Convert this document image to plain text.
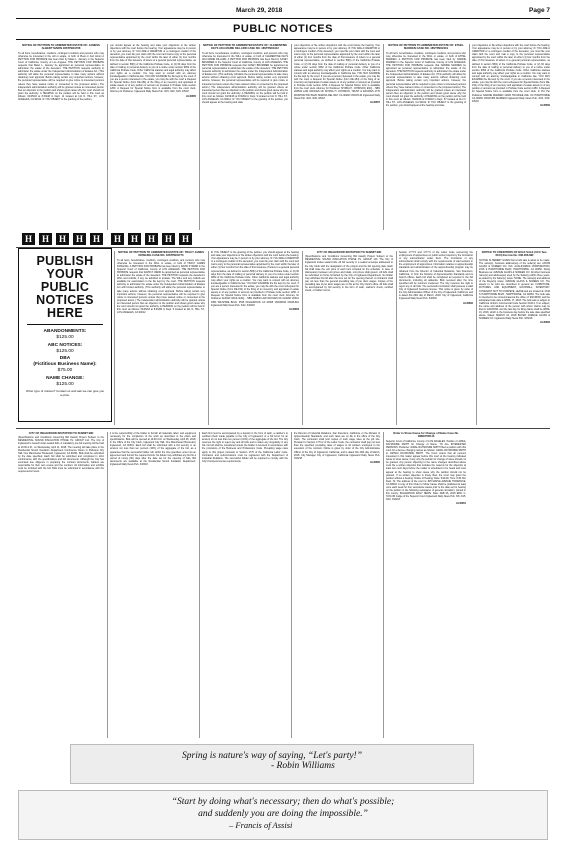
March 29, 2018	Page 7
PUBLIC NOTICES
NOTICE OF PETITION TO ADMINISTER ESTATE OF: JAMESS ALBERT MARIN 18STPB01708
To all heirs, beneficiaries, creditors, contingent creditors and persons who may otherwise be interested in the will or estate, or both of Pleat or And whom A PETITION FOR PROBATE has been filed by Matel L. January in the Superior Court of California, County of Los Angeles. THE PETITION FOR PROBATE requests that Matel L. January be appointed as personal representative to administer the estate of the decedent. THE PETITION requests authority to administer the estate under the Independent Administration of Estates Act. (This authority will allow the personal representative to take many actions without obtaining court approval. Before taking certain very important actions, however, the personal representative will be required to give notice to interested persons unless they have waived notice or consented to the proposed action.) The independent administration authority will be granted unless an interested person files an objection to the petition and shows good cause why the court should not grant the authority. A HEARING on the petition will be held in this court as follows: 04/25/18 at 8:30AM in Dept. 11 located at 111 N. HILL ST., LOS ANGELES, CA 90012. IF YOU OBJECT to the granting of the petition,
you should appear at the hearing and state your objections or file written objections with the court before the hearing. Your appearance may be in person or by your attorney. IF YOU ARE A CREDITOR or a contingent creditor of the decedent, you must file your claim with the court and mail a copy to the personal representative appointed by the court within the later of either (1) four months from the date of first issuance of letters to a general personal representative, as defined in section 58(b) of the California Probate Code, or (2) 60 days from the date of mailing or personal delivery to you of a notice under section 9052 of the California Probate Code. Other California statutes and legal authority may affect your rights as a creditor. You may want to consult with an attorney knowledgeable in California law. YOU MAY EXAMINE the file kept by the court. If you are a person interested in the estate, you may file with the court a Request for Special Notice (form DE-154) of the filing of an inventory and appraisal of estate assets or of any petition or account as provided in Probate Code section 1250. A Request for Special Notice form is available from the court clerk. Attorney for Petitioner. Inglewood Daily News Pub. 3/15, 3/22, 3/29, 4/5/18
HI-30855
NOTICE OF PETITION TO ADMINISTER ESTATE OF: CLEMENTINE KEYS AKA MARIE DILLARD CASE NO. 18STPB01912
To all heirs, beneficiaries, creditors, contingent creditors, and persons who may otherwise be interested in the WILL or estate, or both of CLEMENTINE KEYS AKA MARIE DILLARD. A PETITION FOR PROBATE has been filed by CASEY BRUMMER in the Superior Court of California, County of LOS ANGELES. THE PETITION FOR PROBATE requests that CASEY BRUMMER be appointed as personal representative to administer the estate of the decedent. THE PETITION requests authority to administer the estate under the Independent Administration of Estates Act. (This authority will allow the personal representative to take many actions without obtaining court approval. Before taking certain very important actions, however, the personal representative will be required to give notice to interested persons unless they have waived notice or consented to the proposed action.) The independent administration authority will be granted unless an interested person files an objection to the petition and shows good cause why the court should not grant the authority. A HEARING on the petition will be held in this court as follows: 04/19/18 at 8:30AM in Dept. 9 located at 111 N. HILL ST., LOS ANGELES, CA 90012. IF YOU OBJECT to the granting of the petition, you should appear at the hearing and state
your objections or file written objections with the court before the hearing. Your appearance may be in person or by your attorney. IF YOU ARE A CREDITOR or a contingent creditor of the decedent, you must file your claim with the court and mail a copy to the personal representative appointed by the court within the later of either (1) four months from the date of first issuance of letters to a general personal representative, as defined in section 58(b) of the California Probate Code, or (2) 60 days from the date of mailing or personal delivery to you of a notice under section 9052 of the California Probate Code. Other California statutes and legal authority may affect your rights as a creditor. You may want to consult with an attorney knowledgeable in California law. YOU MAY EXAMINE the file kept by the court. If you are a person interested in the estate, you may file with the court a Request for Special Notice (form DE-154) of the filing of an inventory and appraisal of estate assets or of any petition or account as provided in Probate Code section 1250. A Request for Special Notice form is available from the court clerk. Attorney for Petitioner: MYRNA H. JOHNSON, ESQ. - SBN 203534 LAW OFFICES OF MYRNA H. JOHNSON, TRUST & ESTATES 4770 WASHINGTON BLVD MARINA DEL REY CA 90292 CN947140 Inglewood Daily News Pub. 3/22, 3/29, 4/5/18
HI-30857
NOTICE OF PETITION TO ADMINISTER ESTATE OF: ETHEL MADDEN CASE NO. 18STPB02419
To all heirs, beneficiaries, creditors, contingent creditors, and persons who may otherwise be interested in the WILL or estate, or both of ETHEL MADDEN. A PETITION FOR PROBATE has been filed by NADINE MADDEN in the Superior Court of California, County of LOS ANGELES. THE PETITION FOR PROBATE requests that NADINE MADDEN be appointed as personal representative to administer the estate of the decedent. THE PETITION requests authority to administer the estate under the Independent Administration of Estates Act. (This authority will allow the personal representative to take many actions without obtaining court approval. Before taking certain very important actions, however, the personal representative will be required to give notice to interested persons unless they have waived notice or consented to the proposed action.) The independent administration authority will be granted unless an interested person files an objection to the petition and shows good cause why the court should not grant the authority. A HEARING on the petition will be held in this court as follows: 04/20/18 at 8:30AM in Dept. 67 located at 111 N. HILL ST., LOS ANGELES, CA 90012. IF YOU OBJECT to the granting of the petition, you should appear at the hearing and state
your objections or file written objections with the court before the hearing. Your appearance may be in person or by your attorney. IF YOU ARE A CREDITOR or a contingent creditor of the decedent, you must file your claim with the court and mail a copy to the personal representative appointed by the court within the later of either (1) four months from the date of first issuance of letters to a general personal representative, as defined in section 58(b) of the California Probate Code, or (2) 60 days from the date of mailing or personal delivery to you of a notice under section 9052 of the California Probate Code. Other California statutes and legal authority may affect your rights as a creditor. You may want to consult with an attorney knowledgeable in California law. YOU MAY EXAMINE the file kept by the court. If you are a person interested in the estate, you may file with the court a Request for Special Notice (form DE-154) of the filing of an inventory and appraisal of estate assets or of any petition or account as provided in Probate Code section 1250. A Request for Special Notice form is available from the court clerk. In Pro Per Petitioner NADINE MADDEN 12303 TRUCKEE AVE. #C HAWTHORNE CA 90250 CN947383 MADDEN Inglewood Daily News Pub. 3/22, 3/29, 4/5/18
HI-30859
H	H	H	H	H	H	H	H	H	H
PUBLISH
YOUR
PUBLIC
NOTICES
HERE
ABANDONMENTS:
$125.00
ABC NOTICES:
$125.00
DBA
(Fictitious Business Name):
$75.00
NAME CHANGE:
$125.00
Other type of notices? Contact us and ask we can give you a price.
NOTICE OF PETITION TO ADMINISTER ESTATE OF: TRACY JAMES DOWLING CASE NO. 18STPB01773
To all heirs, beneficiaries, creditors, contingent creditors, and persons who may otherwise be interested in the WILL or estate, or both of TRACY JAMES DOWLING. A PETITION FOR PROBATE has been filed by DAVID P. REDD in the Superior Court of California, County of LOS ANGELES. THE PETITION FOR PROBATE requests that DAVID P. REDD be appointed as personal representative to administer the estate of the decedent. THE PETITION requests the decedent's WILL and codicils, if any, be admitted to probate. The WILL and any codicils are available for examination in the file kept by the court. THE PETITION requests authority to administer the estate under the Independent Administration of Estates Act with limited authority. (This authority will allow the personal representative to take many actions without obtaining court approval. Before taking certain very important actions, however, the personal representative will be required to give notice to interested persons unless they have waived notice or consented to the proposed action.) The independent administration authority will be granted unless an interested person files an objection to the petition and shows good cause why the court should not grant the authority. A HEARING on the petition will be held in this court as follows: 04/05/18 at 8:30AM in Dept. 5 located at 111 N. HILL ST., LOS ANGELES, CA 90012.
IF YOU OBJECT to the granting of the petition, you should appear at the hearing and state your objections or file written objections with the court before the hearing. Your appearance may be in person or by your attorney. IF YOU ARE A CREDITOR or a contingent creditor of the decedent, you must file your claim with the court and mail a copy to the personal representative appointed by the court within the later of either (1) four months from the date of first issuance of letters to a general personal representative, as defined in section 58(b) of the California Probate Code, or (2) 60 days from the date of mailing or personal delivery to you of a notice under section 9052 of the California Probate Code. Other California statutes and legal authority may affect your rights as a creditor. You may want to consult with an attorney knowledgeable in California law. YOU MAY EXAMINE the file kept by the court. If you are a person interested in the estate, you may file with the court a Request for Special Notice (form DE-154) of the filing of an inventory and appraisal of estate assets or of any petition or account as provided in Probate Code section 1250. A Request for Special Notice form is available from the court clerk. Attorney for Petitioner ALIDAD VAKILI ESQ. - SBN 162834 LAW OFFICES OF ALIDAD VAKILI 9454 WILSHIRE BLVD. #525 INGLEWOOD CA 90305 CN946934 DOWLING Inglewood Daily News Pub. 3/22, 3/29/18
HI-30853
CITY OF INGLEWOOD INVITATION TO SUBMIT BID
(Specifications and Conditions Governing Bid Award) Project Subject to the RESIDENTIAL SOUND INSULATION PHASE XV, GROUP 113. The City of Inglewood invites sealed bids. All bid security in a sealed envelope addressed to the City Clerk with the designation of the project and the bid opening date. Each bid shall state the unit price of each item included on the schedule. In case of discrepancy between unit prices and totals, unit prices shall govern. All bids shall be submitted on forms furnished by the City of Inglewood Department. No bidder may withdraw his bid after the time set for the opening thereof. A contractor shall pay not less than the general prevailing rate of per diem wages. Copies of the prevailing rate of per diem wages are on file at the City Clerk's office. All bids shall be accompanied by bid security in the form of cash, cashier's check, certified check, or bidder's bond.
Section 1777.5 and 1777.6 of the Labor Code concerning the employment of apprentices on public works projects by the Contractor or any subcontractor under them. The Contractor or any subcontractor shall comply with the requirements of said sections in the employment of apprentices. Information relative to apprenticeship standards and administration of the apprenticeship program may be obtained from the Director of Industrial Relations, San Francisco, California, or from the Division of Apprenticeship Standards and its branch offices. Each bid shall be completed as required in the bid documents, including all addenda. Bids received after the time specified will be returned unopened. The City reserves the right to reject any or all bids. The successful contractor shall possess a valid City of Inglewood business license. This notice is given by order of the City Administrative Officer of the City of Inglewood, California, and is dated this 29th day of March, 2018. City of Inglewood, California Inglewood Daily News Pub. 3/29/18
HI-30862
NOTICE TO CREDITORS OF BULK SALE (UCC Sec. 6104) Escrow No. 008-006-MR
NOTICE IS HEREBY GIVEN that a bulk sale is about to be made. The name(s), business address(es) of the seller(s) are: AXIOM GLASS & SCREEN CO. INC. ACALIFORNIA CORPORATION, 2316 S HAWTHORNE BLVD, HAWTHORNE, CA 90250. Doing Business as: AVENUE GLASS & SCREEN CO. All other business name(s) and address(es) used by the Seller(s) within three years, as stated by the Seller(s), is/are: NONE. The name(s) and address of the Buyer(s) is/are: AVENUE GLASS & SCREEN CO. The assets to be sold are described in general as: FURNITURE, FIXTURES, AND EQUIPMENT, GOODWILL, INVENTORY, COVENANT NOT TO COMPETE, LEASE and are located at: 2316 S HAWTHORNE BLVD, HAWTHORNE, CA 90250. The bulk sale is intended to be consummated at the office of: ESCROW, and the anticipated sale date is APRIL 17, 2018. The bulk sale is subject to California Uniform Commercial Code Section 6106.2. If so subject, the name and address of the person with whom claims may be filed is: ESCROW, and the last day for filing claims shall be APRIL 16, 2018, which is the business day before the sale date specified above. Dated: MARCH 22, 2018 BUYER: AVENUE GLASS & SCREEN CO. Inglewood Daily News Pub. 3/29/18
HI-30863
CITY OF INGLEWOOD INVITATION TO SUBMIT BID
(Specifications and Conditions Governing Bid Award) Project Subject to the RESIDENTIAL SOUND INSULATION PHASE XV, GROUP 112. The City of Inglewood is issued invites sealed bids. A mandatory pre-bid meeting will be held at 10:00 A.M., on Wednesday, April 11, 2018. The meeting will take place in the Residential Sound Insulation Department Conference Room in Parkview City Hall, One Manchester Boulevard, Inglewood, CA 90301. Bids shall be submitted by the date specified. Each bid shall be submitted and completed in strict conformance with the specifications and bid documents. Although the City has exercised due diligence in preparing the contract documents, bidders are responsible for their own review and the contract. All information and exhibits must be included with the bid. Bids must be submitted in accordance with the requirements herein.
it is the responsibility of the bidder to furnish all materials, labor, and equipment necessary for the completion of the work as described in the plans and specifications. Bids will be opened at 10:00 A.M. on Wednesday, April 25, 2018, in the Office of the City Clerk, Inglewood City Hall, One Manchester Boulevard, Inglewood, CA 90301. Each bid shall be submitted with a bid security in an amount not less than ten percent (10%) of the aggregate of the bid, as a guarantee that the successful bidder will, within the time specified, enter into an agreement and furnish the required bonds. No bidder may withdraw any bid for a period of ninety (90) days after the date set for the opening of bids. Bid documents are available at the Residential Sound Insulation Department. Inglewood Daily News Pub. 3/29/18
Each bid must be accompanied by a deposit in the form of cash, a cashier's or certified check made payable to the City of Inglewood, or a bid bond, for an amount of not less than ten percent (10%) of the aggregate of the bid. The City reserves the right to reject any and all bids and to waive any irregularity in any bid. No bid shall be considered unless the bidder is licensed in accordance with the provisions of the Business and Professions Code. Prevailing wage rates apply to this project pursuant to Section 1770 of the California Labor Code. Contractor and subcontractors must be registered with the Department of Industrial Relations. The successful bidder will be required to comply with the City's business license requirements.
the Director of Industrial Relations, San Francisco, California, or the Division of Apprenticeship Standards, and such rates are on file in the office of the City Clerk. The contractor shall post copies of such wage rates at the job site. Pursuant to Section 1773.2 of the Labor Code, the contractor shall pay not less than the specified prevailing rates of wages to all workers employed in the execution of the contract. Notice is given by order of the City Administrative Officer of the City of Inglewood, California, and is dated this 29th day of March, 2018. City Manager City of Inglewood, California Inglewood Daily News Pub. 3/29/18
HI-30860
Order to Show Cause for Change of Name Case No. 18INCP00110
Superior Court of California, County of LOS ANGELES. Petition of JAMAL RAYMONDE SMITH for Change of Name. TO ALL INTERESTED PERSONS: Petitioner JAMAL RAYMONDE SMITH filed a petition with this court for a decree changing names as follows: JAMAL RAYMONDE SMITH to JAHMAI RAYMONDE SMITH. The Court orders that all persons interested in this matter appear before this court at the hearing indicated below to show cause, if any, why the petition for change of name should not be granted. Any person objecting to the name changes described above must file a written objection that includes the reasons for the objection at least two court days before the matter is scheduled to be heard and must appear at the hearing to show cause why the petition should not be granted. If no written objection is timely filed, the court may grant the petition without a hearing. Notice of Hearing: Date: 5/11/18, Time: 8:30 AM, Dept.: M. The address of the court is: 825 MAPLE AVENUE TORRANCE, CA 90503. A copy of this Order to Show Cause shall be published at least once each week for four successive weeks prior to the date set for hearing on the petition in the following newspaper of general circulation, printed in this county: INGLEWOOD DAILY NEWS. Date: FEB 26, 2018 ERIC C. TAYLOR Judge of the Superior Court Inglewood Daily News Pub. 3/8, 3/15, 3/22, 3/29/18
HI-30851
Spring is nature's way of saying, “Let's party!”
- Robin Williams
“Start by doing what's necessary; then do what's possible;
and suddenly you are doing the impossible.”
– Francis of Assisi
